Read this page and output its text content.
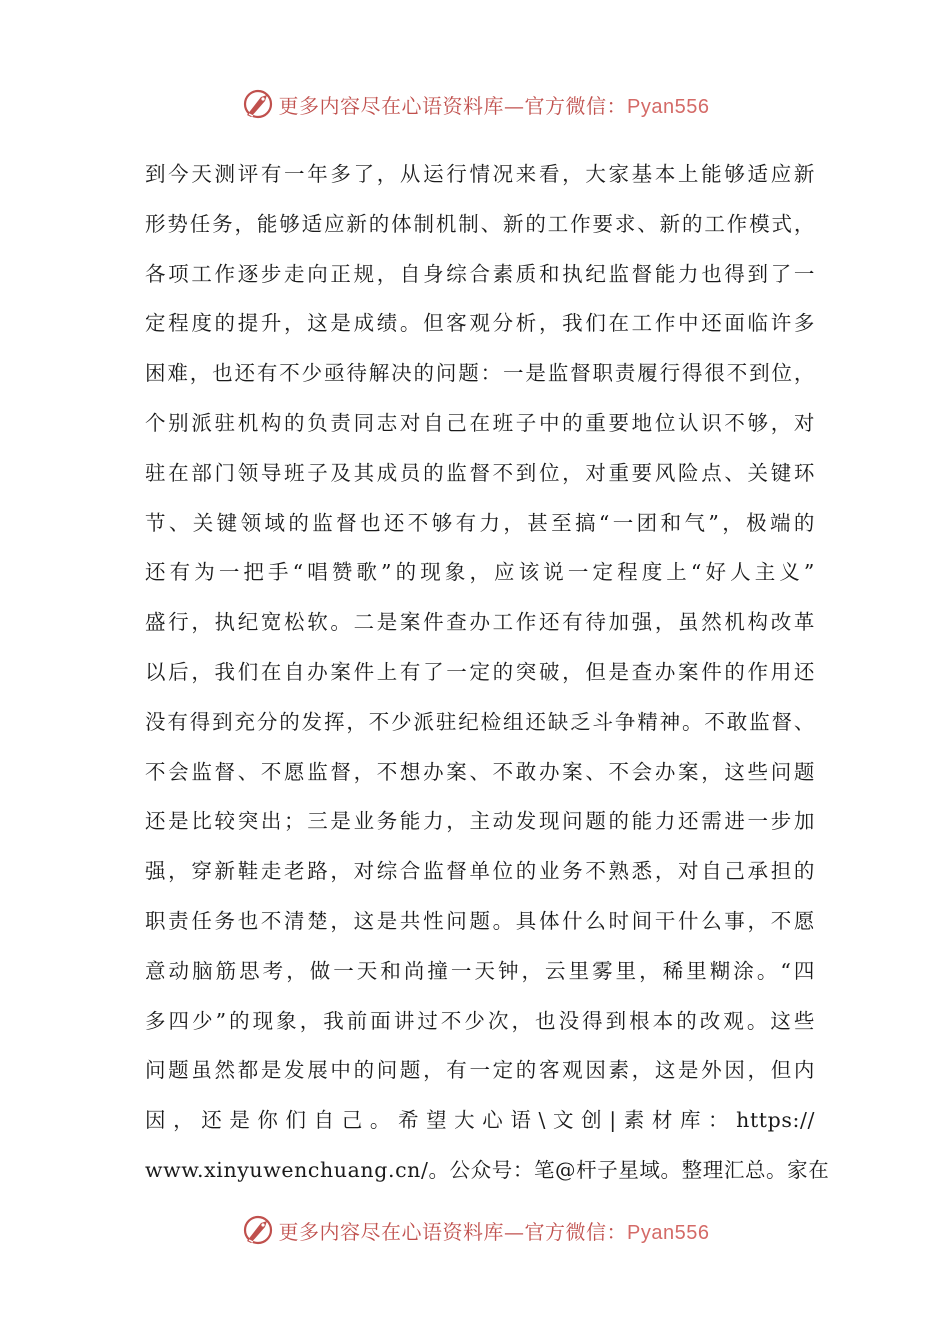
更多内容尽在心语资料库—官方微信：Pyan556
到今天测评有一年多了，从运行情况来看，大家基本上能够适应新
形势任务，能够适应新的体制机制、新的工作要求、新的工作模式，
各项工作逐步走向正规，自身综合素质和执纪监督能力也得到了一
定程度的提升，这是成绩。但客观分析，我们在工作中还面临许多
困难，也还有不少亟待解决的问题：一是监督职责履行得很不到位，
个别派驻机构的负责同志对自己在班子中的重要地位认识不够，对
驻在部门领导班子及其成员的监督不到位，对重要风险点、关键环
节、关键领域的监督也还不够有力，甚至搞“一团和气”，极端的
还有为一把手“唱赞歌”的现象，应该说一定程度上“好人主义”
盛行，执纪宽松软。二是案件查办工作还有待加强，虽然机构改革
以后，我们在自办案件上有了一定的突破，但是查办案件的作用还
没有得到充分的发挥，不少派驻纪检组还缺乏斗争精神。不敢监督、
不会监督、不愿监督，不想办案、不敢办案、不会办案，这些问题
还是比较突出；三是业务能力，主动发现问题的能力还需进一步加
强，穿新鞋走老路，对综合监督单位的业务不熟悉，对自己承担的
职责任务也不清楚，这是共性问题。具体什么时间干什么事，不愿
意动脑筋思考，做一天和尚撞一天钟，云里雾里，稀里糊涂。“四
多四少”的现象，我前面讲过不少次，也没得到根本的改观。这些
问题虽然都是发展中的问题，有一定的客观因素，这是外因，但内
因，还是你们自己。希望大心语\文创|素材库：https://
www.xinyuwenchuang.cn/。公众号：笔@杆子星域。整理汇总。家在
更多内容尽在心语资料库—官方微信：Pyan556
